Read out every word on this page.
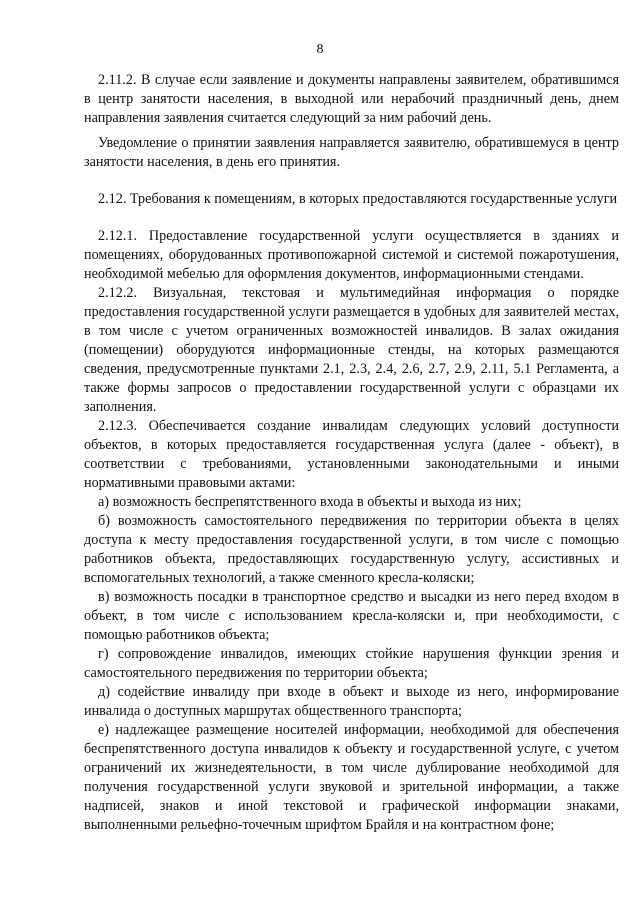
8

2.11.2. В случае если заявление и документы направлены заявителем, обратившимся в центр занятости населения, в выходной или нерабочий праздничный день, днем направления заявления считается следующий за ним рабочий день.

Уведомление о принятии заявления направляется заявителю, обратившемуся в центр занятости населения, в день его принятия.

2.12. Требования к помещениям, в которых предоставляются государственные услуги

2.12.1. Предоставление государственной услуги осуществляется в зданиях и помещениях, оборудованных противопожарной системой и системой пожаротушения, необходимой мебелью для оформления документов, информационными стендами.

2.12.2. Визуальная, текстовая и мультимедийная информация о порядке предоставления государственной услуги размещается в удобных для заявителей местах, в том числе с учетом ограниченных возможностей инвалидов. В залах ожидания (помещении) оборудуются информационные стенды, на которых размещаются сведения, предусмотренные пунктами 2.1, 2.3, 2.4, 2.6, 2.7, 2.9, 2.11, 5.1 Регламента, а также формы запросов о предоставлении государственной услуги с образцами их заполнения.

2.12.3. Обеспечивается создание инвалидам следующих условий доступности объектов, в которых предоставляется государственная услуга (далее - объект), в соответствии с требованиями, установленными законодательными и иными нормативными правовыми актами:

а) возможность беспрепятственного входа в объекты и выхода из них;

б) возможность самостоятельного передвижения по территории объекта в целях доступа к месту предоставления государственной услуги, в том числе с помощью работников объекта, предоставляющих государственную услугу, ассистивных и вспомогательных технологий, а также сменного кресла-коляски;

в) возможность посадки в транспортное средство и высадки из него перед входом в объект, в том числе с использованием кресла-коляски и, при необходимости, с помощью работников объекта;

г) сопровождение инвалидов, имеющих стойкие нарушения функции зрения и самостоятельного передвижения по территории объекта;

д) содействие инвалиду при входе в объект и выходе из него, информирование инвалида о доступных маршрутах общественного транспорта;

е) надлежащее размещение носителей информации, необходимой для обеспечения беспрепятственного доступа инвалидов к объекту и государственной услуге, с учетом ограничений их жизнедеятельности, в том числе дублирование необходимой для получения государственной услуги звуковой и зрительной информации, а также надписей, знаков и иной текстовой и графической информации знаками, выполненными рельефно-точечным шрифтом Брайля и на контрастном фоне;
